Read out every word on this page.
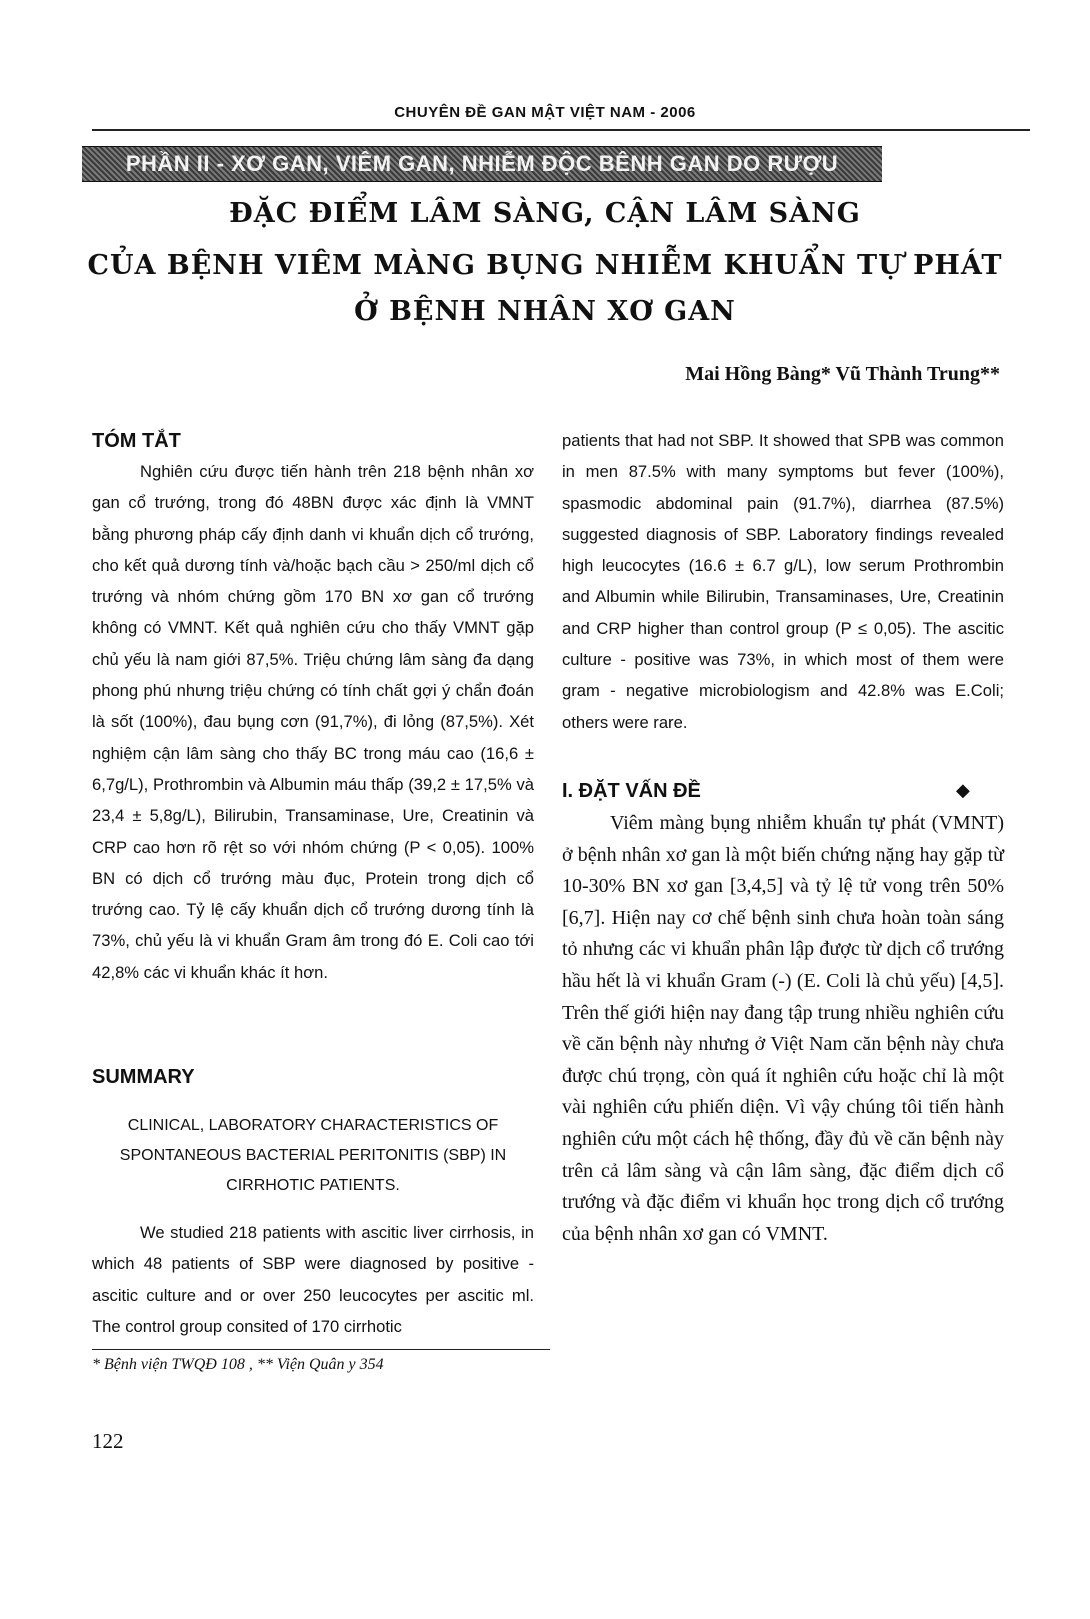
CHUYÊN ĐỀ GAN MẬT VIỆT NAM - 2006
PHẦN II - XƠ GAN, VIÊM GAN, NHIỄM ĐỘC BÊNH GAN DO RƯỢU
ĐẶC ĐIỂM LÂM SÀNG, CẬN LÂM SÀNG
CỦA BỆNH VIÊM MÀNG BỤNG NHIỄM KHUẨN TỰ PHÁT
Ở BỆNH NHÂN XƠ GAN
Mai Hồng Bàng* Vũ Thành Trung**
TÓM TẮT

Nghiên cứu được tiến hành trên 218 bệnh nhân xơ gan cổ trướng, trong đó 48BN được xác định là VMNT bằng phương pháp cấy định danh vi khuẩn dịch cổ trướng, cho kết quả dương tính và/hoặc bạch cầu > 250/ml dịch cổ trướng và nhóm chứng gồm 170 BN xơ gan cổ trướng không có VMNT. Kết quả nghiên cứu cho thấy VMNT gặp chủ yếu là nam giới 87,5%. Triệu chứng lâm sàng đa dạng phong phú nhưng triệu chứng có tính chất gợi ý chẩn đoán là sốt (100%), đau bụng cơn (91,7%), đi lỏng (87,5%). Xét nghiệm cận lâm sàng cho thấy BC trong máu cao (16,6 ± 6,7g/L), Prothrombin và Albumin máu thấp (39,2 ± 17,5% và 23,4 ± 5,8g/L), Bilirubin, Transaminase, Ure, Creatinin và CRP cao hơn rõ rệt so với nhóm chứng (P < 0,05). 100% BN có dịch cổ trướng màu đục, Protein trong dịch cổ trướng cao. Tỷ lệ cấy khuẩn dịch cổ trướng dương tính là 73%, chủ yếu là vi khuẩn Gram âm trong đó E. Coli cao tới 42,8% các vi khuẩn khác ít hơn.

SUMMARY

CLINICAL, LABORATORY CHARACTERISTICS OF

SPONTANEOUS BACTERIAL PERITONITIS (SBP) IN

CIRRHOTIC PATIENTS.

We studied 218 patients with ascitic liver cirrhosis, in which 48 patients of SBP were diagnosed by positive - ascitic culture and or over 250 leucocytes per ascitic ml. The control group consited of 170 cirrhotic

patients that had not SBP. It showed that SPB was common in men 87.5% with many symptoms but fever (100%), spasmodic abdominal pain (91.7%), diarrhea (87.5%) suggested diagnosis of SBP. Laboratory findings revealed high leucocytes (16.6 ± 6.7 g/L), low serum Prothrombin and Albumin while Bilirubin, Transaminases, Ure, Creatinin and CRP higher than control group (P ≤ 0,05). The ascitic culture - positive was 73%, in which most of them were gram - negative microbiologism and 42.8% was E.Coli; others were rare.

I. ĐẶT VẤN ĐỀ	◆

Viêm màng bụng nhiễm khuẩn tự phát (VMNT) ở bệnh nhân xơ gan là một biến chứng nặng hay gặp từ 10-30% BN xơ gan [3,4,5] và tỷ lệ tử vong trên 50% [6,7]. Hiện nay cơ chế bệnh sinh chưa hoàn toàn sáng tỏ nhưng các vi khuẩn phân lập được từ dịch cổ trướng hầu hết là vi khuẩn Gram (-) (E. Coli là chủ yếu) [4,5]. Trên thế giới hiện nay đang tập trung nhiều nghiên cứu về căn bệnh này nhưng ở Việt Nam căn bệnh này chưa được chú trọng, còn quá ít nghiên cứu hoặc chỉ là một vài nghiên cứu phiến diện. Vì vậy chúng tôi tiến hành nghiên cứu một cách hệ thống, đầy đủ về căn bệnh này trên cả lâm sàng và cận lâm sàng, đặc điểm dịch cổ trướng và đặc điểm vi khuẩn học trong dịch cổ trướng của bệnh nhân xơ gan có VMNT.

* Bệnh viện TWQĐ 108 , ** Viện Quân y 354
122
